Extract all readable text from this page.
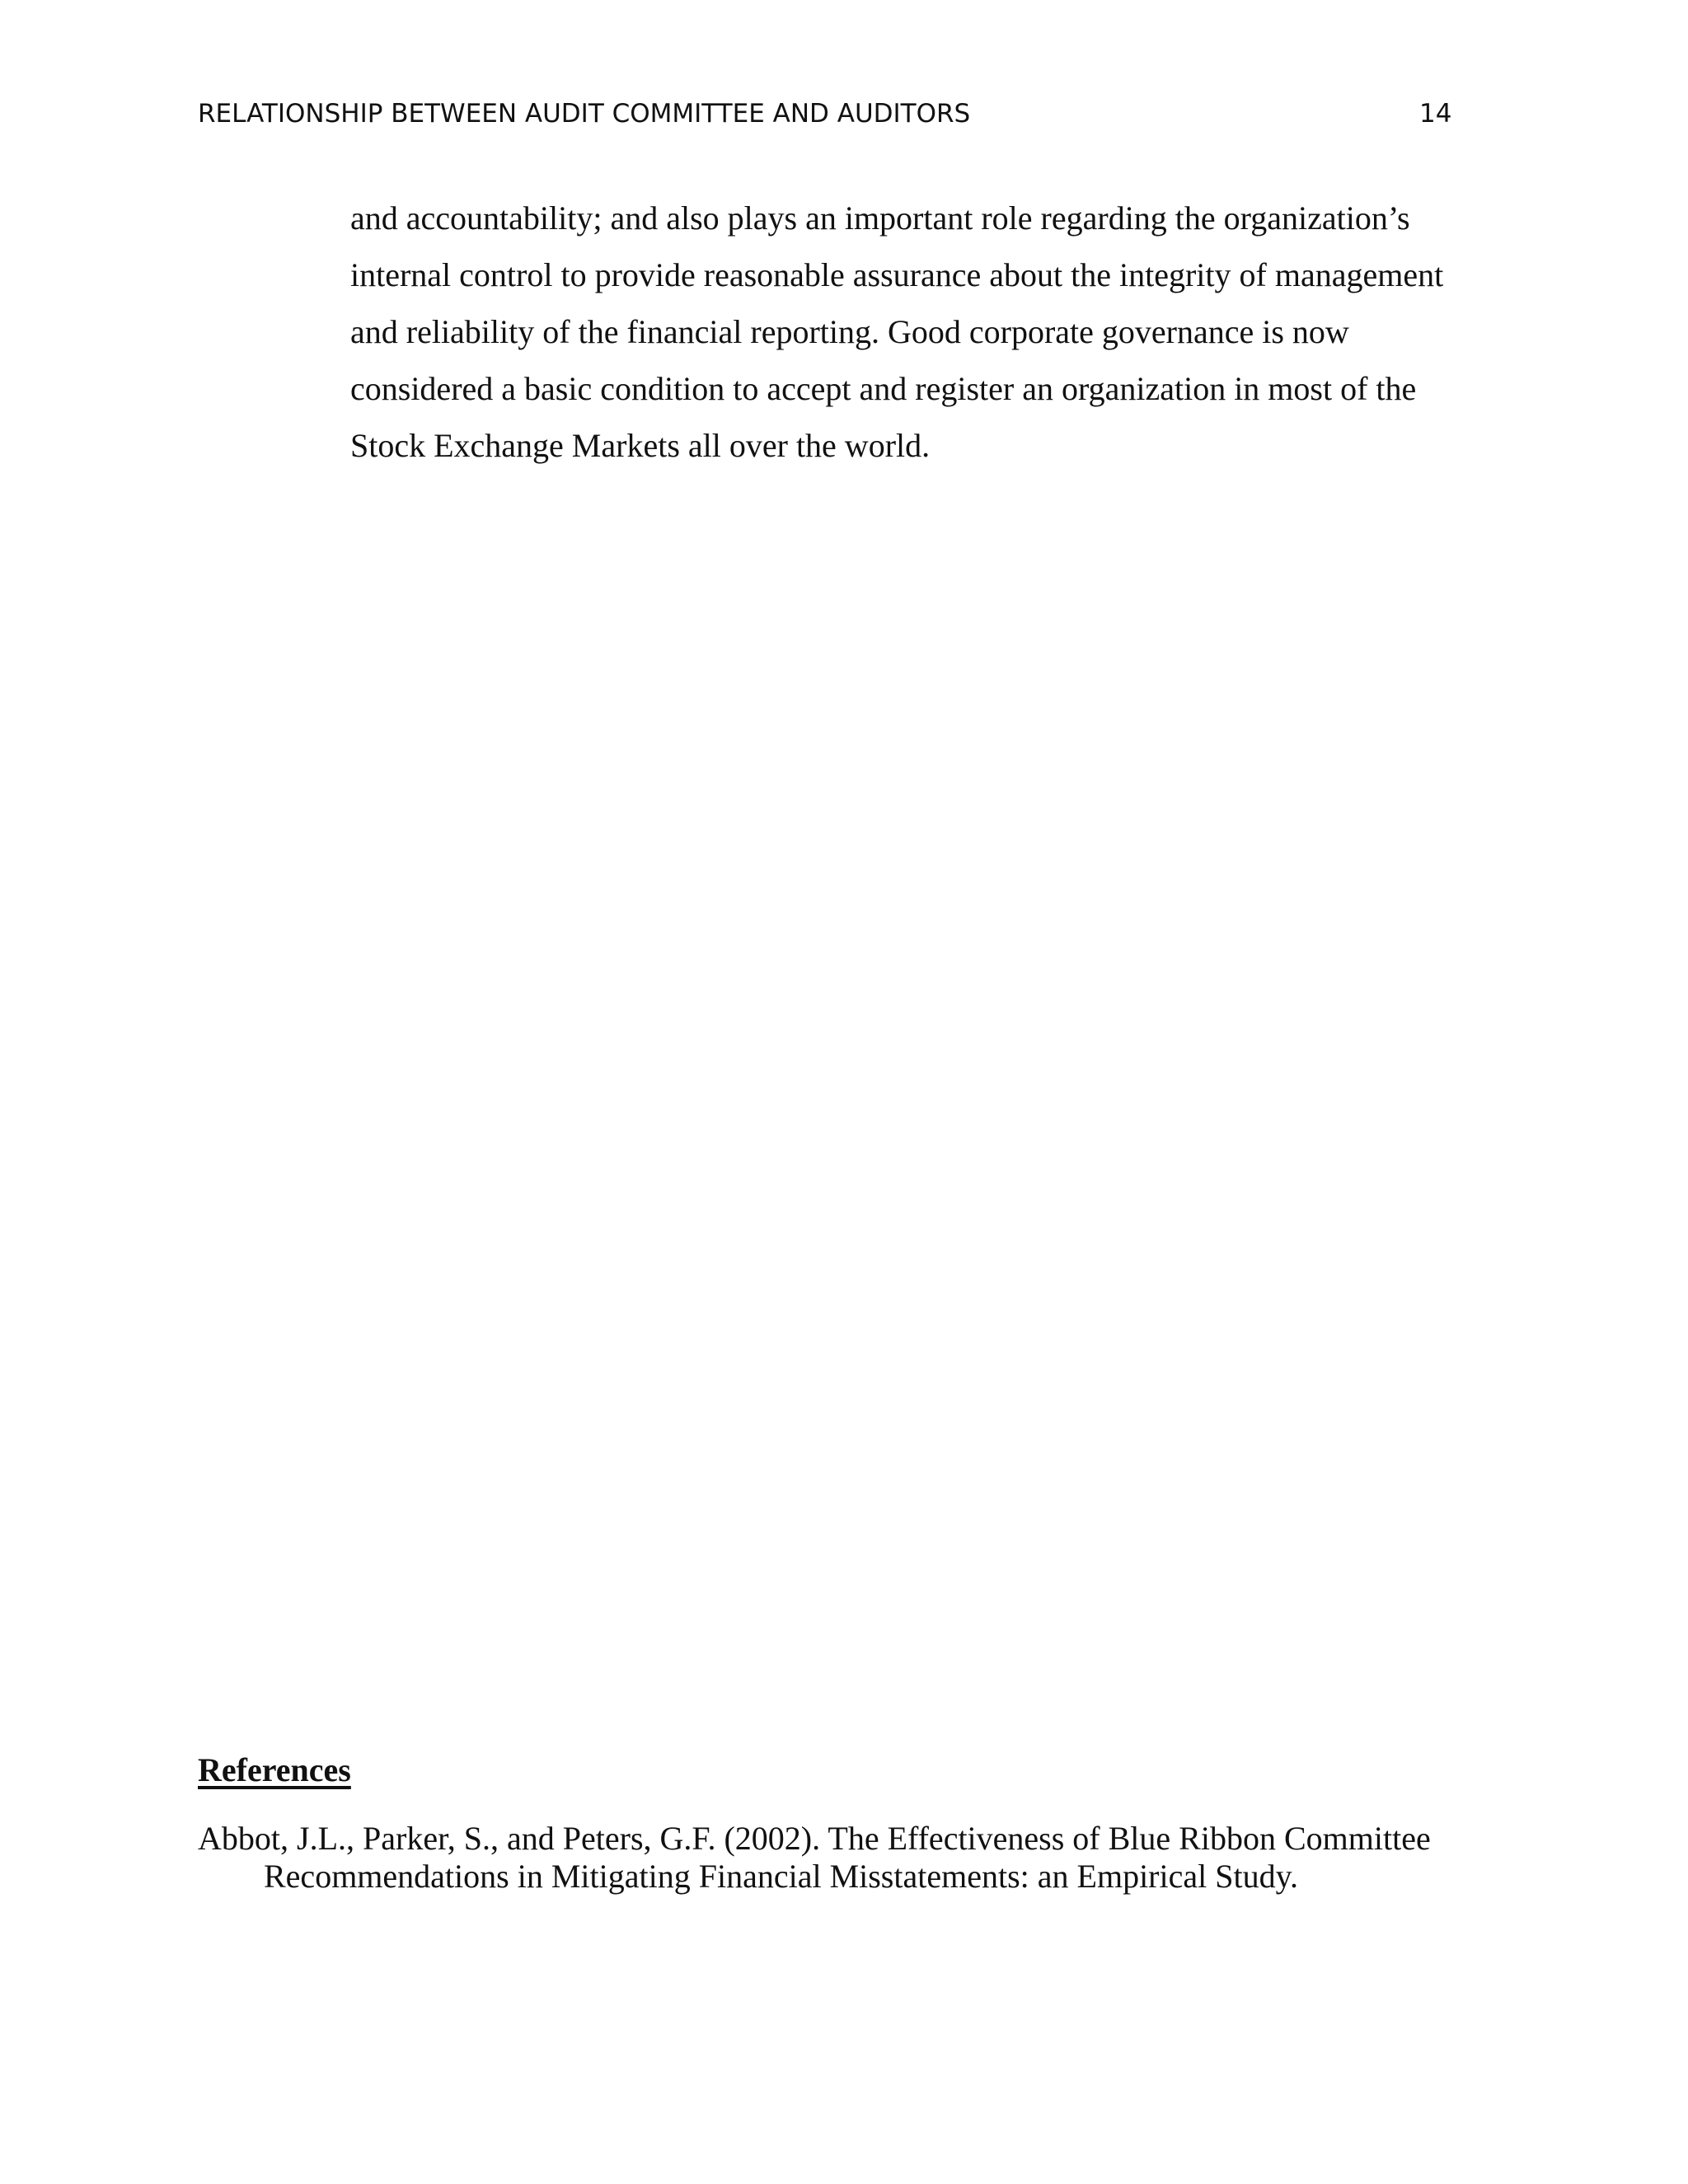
RELATIONSHIP BETWEEN AUDIT COMMITTEE AND AUDITORS	14
and accountability; and also plays an important role regarding the organization’s
internal control to provide reasonable assurance about the integrity of management
and reliability of the financial reporting. Good corporate governance is now
considered a basic condition to accept and register an organization in most of the
Stock Exchange Markets all over the world.
References
Abbot, J.L., Parker, S., and Peters, G.F. (2002). The Effectiveness of Blue Ribbon Committee
Recommendations in Mitigating Financial Misstatements: an Empirical Study.
